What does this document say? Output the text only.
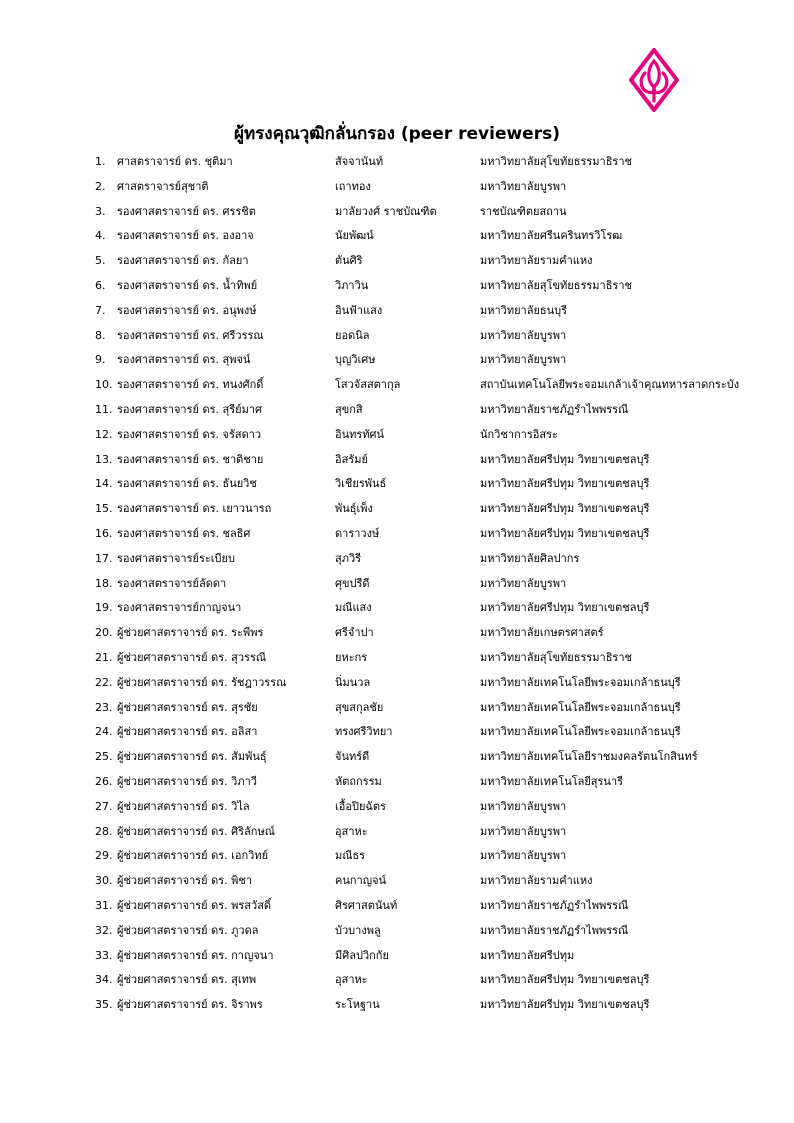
ผู้ทรงคุณวุฒิกลั่นกรอง (peer reviewers)
1. ศาสตราจารย์ ดร. ชุติมา	สัจจานันท์	มหาวิทยาลัยสุโขทัยธรรมาธิราช
2. ศาสตราจารย์สุชาติ	เถาทอง	มหาวิทยาลัยบูรพา
3. รองศาสตราจารย์ ดร. ศรรชิต	มาลัยวงศ์ ราชบัณฑิต	ราชบัณฑิตยสถาน
4. รองศาสตราจารย์ ดร. องอาจ	นัยพัฒน์	มหาวิทยาลัยศรีนครินทรวิโรฒ
5. รองศาสตราจารย์ ดร. กัลยา	ตันศิริ	มหาวิทยาลัยรามคำแหง
6. รองศาสตราจารย์ ดร. น้ำทิพย์	วิภาวิน	มหาวิทยาลัยสุโขทัยธรรมาธิราช
7. รองศาสตราจารย์ ดร. อนุพงษ์	อินฟ้าแสง	มหาวิทยาลัยธนบุรี
8. รองศาสตราจารย์ ดร. ศรีวรรณ	ยอดนิล	มหาวิทยาลัยบูรพา
9. รองศาสตราจารย์ ดร. สุพจน์	บุญวิเศษ	มหาวิทยาลัยบูรพา
10. รองศาสตราจารย์ ดร. ทนงศักดิ์	โสวจัสสตากุล	สถาบันเทคโนโลยีพระจอมเกล้าเจ้าคุณทหารลาดกระบัง
11. รองศาสตราจารย์ ดร. สุรีย์มาศ	สุขกสิ	มหาวิทยาลัยราชภัฏรำไพพรรณี
12. รองศาสตราจารย์ ดร. จรัสดาว	อินทรทัศน์	นักวิชาการอิสระ
13. รองศาสตราจารย์ ดร. ชาติชาย	อิสรัมย์	มหาวิทยาลัยศรีปทุม วิทยาเขตชลบุรี
14. รองศาสตราจารย์ ดร. ธันยวิช	วิเชียรพันธ์	มหาวิทยาลัยศรีปทุม วิทยาเขตชลบุรี
15. รองศาสตราจารย์ ดร. เยาวนารถ	พันธุ์เพ็ง	มหาวิทยาลัยศรีปทุม วิทยาเขตชลบุรี
16. รองศาสตราจารย์ ดร. ชลธิศ	ดาราวงษ์	มหาวิทยาลัยศรีปทุม วิทยาเขตชลบุรี
17. รองศาสตราจารย์ระเบียบ	สุภวิรี	มหาวิทยาลัยศิลปากร
18. รองศาสตราจารย์ลัดดา	ศุขปรีดี	มหาวิทยาลัยบูรพา
19. รองศาสตราจารย์กาญจนา	มณีแสง	มหาวิทยาลัยศรีปทุม วิทยาเขตชลบุรี
20. ผู้ช่วยศาสตราจารย์ ดร. ระพีพร	ศรีจำปา	มหาวิทยาลัยเกษตรศาสตร์
21. ผู้ช่วยศาสตราจารย์ ดร. สุวรรณี	ยหะกร	มหาวิทยาลัยสุโขทัยธรรมาธิราช
22. ผู้ช่วยศาสตราจารย์ ดร. รัชฎาวรรณ	นิ่มนวล	มหาวิทยาลัยเทคโนโลยีพระจอมเกล้าธนบุรี
23. ผู้ช่วยศาสตราจารย์ ดร. สุรชัย	สุขสกุลชัย	มหาวิทยาลัยเทคโนโลยีพระจอมเกล้าธนบุรี
24. ผู้ช่วยศาสตราจารย์ ดร. อลิสา	ทรงศรีวิทยา	มหาวิทยาลัยเทคโนโลยีพระจอมเกล้าธนบุรี
25. ผู้ช่วยศาสตราจารย์ ดร. สัมพันธุ์	จันทร์ดี	มหาวิทยาลัยเทคโนโลยีราชมงคลรัตนโกสินทร์
26. ผู้ช่วยศาสตราจารย์ ดร. วิภาวี	หัตถกรรม	มหาวิทยาลัยเทคโนโลยีสุรนารี
27. ผู้ช่วยศาสตราจารย์ ดร. วิไล	เอื้อปิยฉัตร	มหาวิทยาลัยบูรพา
28. ผู้ช่วยศาสตราจารย์ ดร. ศิริลักษณ์	อุสาหะ	มหาวิทยาลัยบูรพา
29. ผู้ช่วยศาสตราจารย์ ดร. เอกวิทย์	มณีธร	มหาวิทยาลัยบูรพา
30. ผู้ช่วยศาสตราจารย์ ดร. พิชา	คนกาญจน์	มหาวิทยาลัยรามคำแหง
31. ผู้ช่วยศาสตราจารย์ ดร. พรสวัสดิ์	ศิรศาสตนันท์	มหาวิทยาลัยราชภัฏรำไพพรรณี
32. ผู้ช่วยศาสตราจารย์ ดร. ภูวดล	บัวบางพลู	มหาวิทยาลัยราชภัฏรำไพพรรณี
33. ผู้ช่วยศาสตราจารย์ ดร. กาญจนา	มีศิลปวิกกัย	มหาวิทยาลัยศรีปทุม
34. ผู้ช่วยศาสตราจารย์ ดร. สุเทพ	อุสาหะ	มหาวิทยาลัยศรีปทุม วิทยาเขตชลบุรี
35. ผู้ช่วยศาสตราจารย์ ดร. จิราพร	ระโหฐาน	มหาวิทยาลัยศรีปทุม วิทยาเขตชลบุรี
